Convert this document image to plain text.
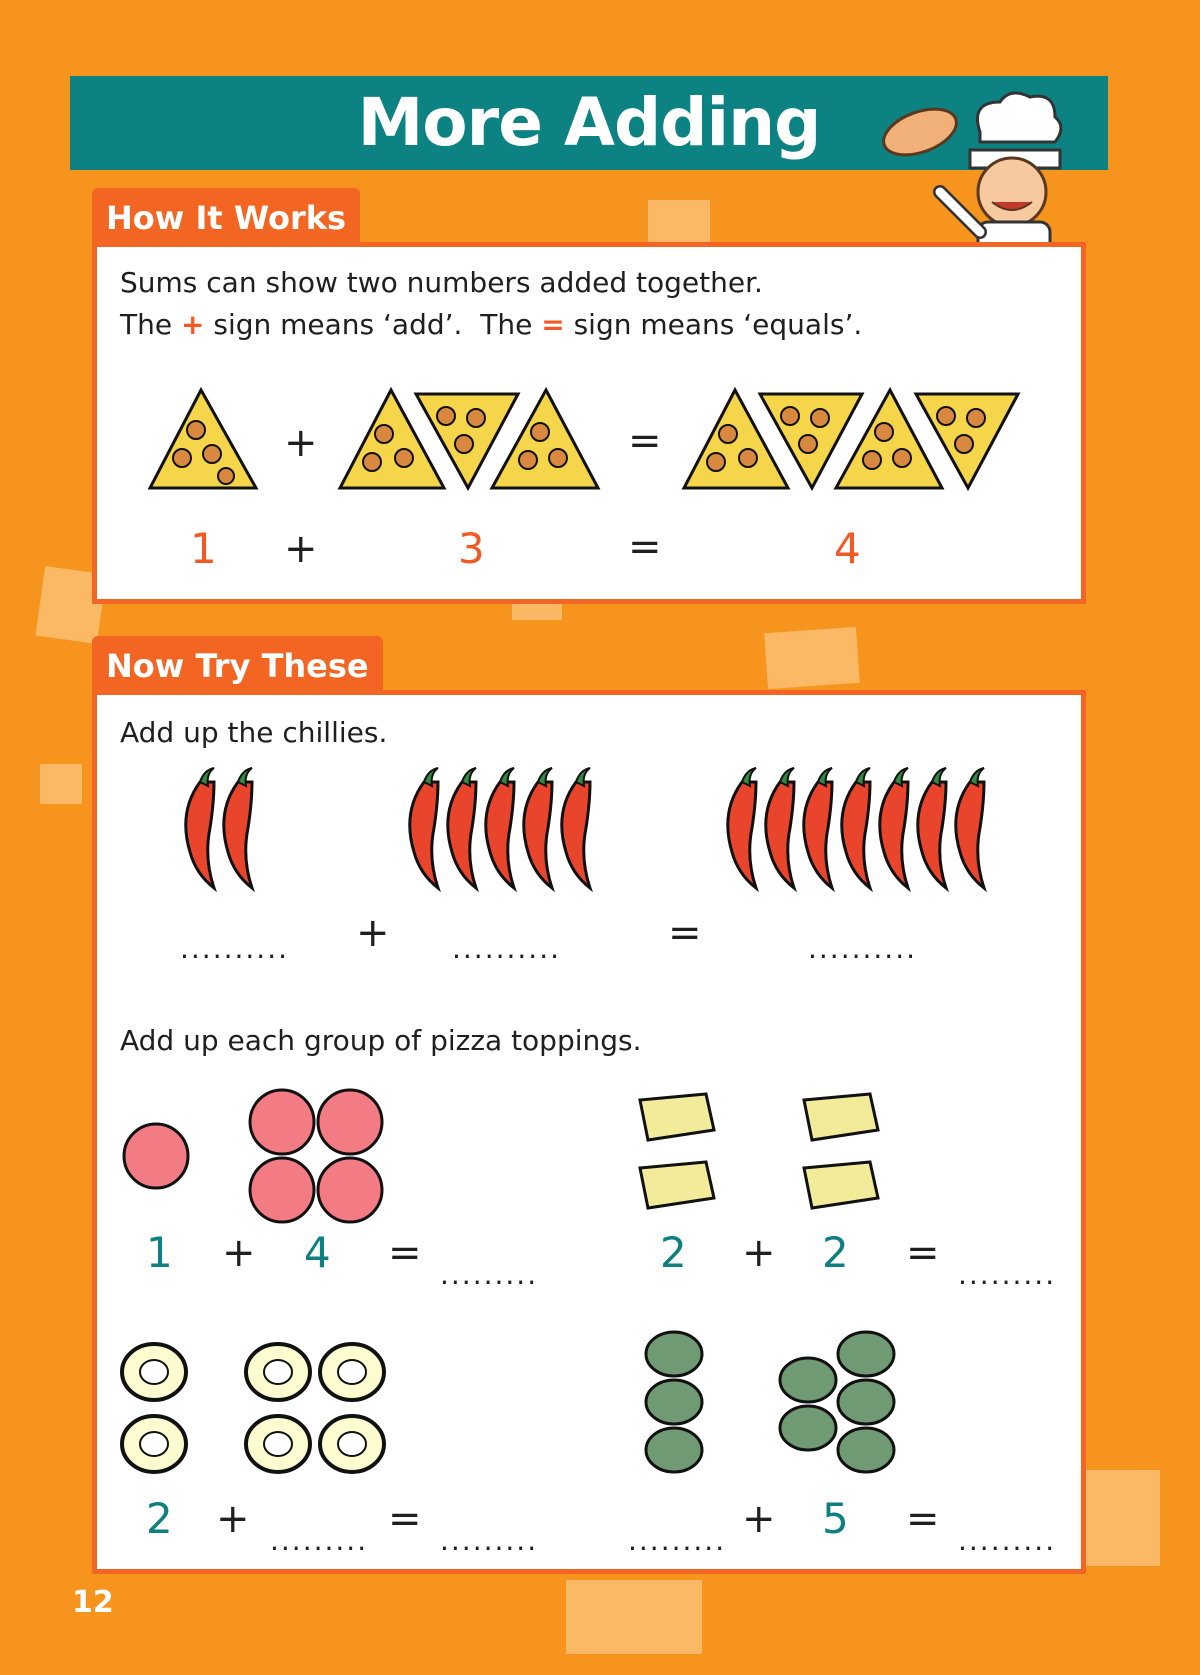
More Adding
How It Works
Sums can show two numbers added together.
The + sign means ‘add’.  The = sign means ‘equals’.
+	=
1 +	3	=	4
Now Try These
Add up the chillies.
.......... + ..........	=	..........
Add up each group of pizza toppings.
1 + 4 = .........	2 + 2 = .........
2 + ......... = .........	......... + 5 = .........
12
